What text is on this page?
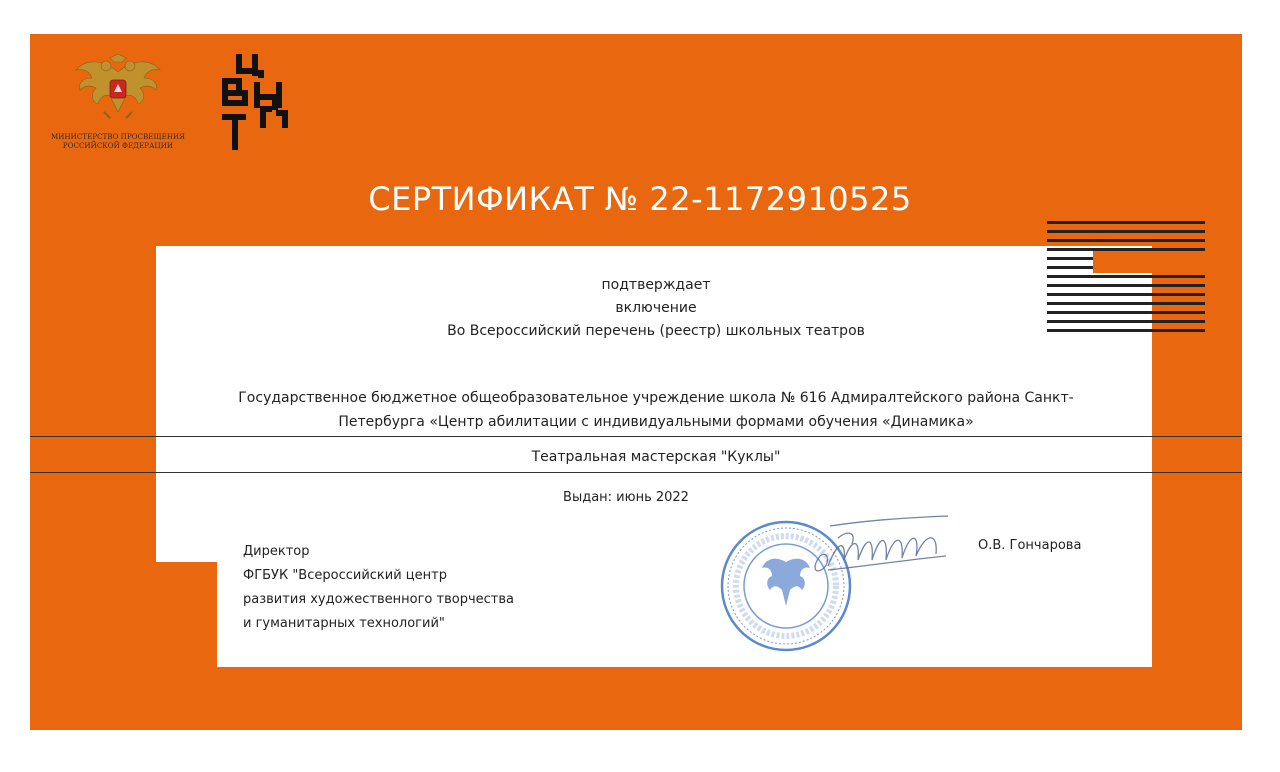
МИНИСТЕРСТВО ПРОСВЕЩЕНИЯ
РОССИЙСКОЙ ФЕДЕРАЦИИ
СЕРТИФИКАТ № 22-1172910525
подтверждает
включение
Во Всероссийский перечень (реестр) школьных театров
Государственное бюджетное общеобразовательное учреждение школа № 616 Адмиралтейского района Санкт-
Петербурга «Центр абилитации с индивидуальными формами обучения «Динамика»
Театральная мастерская "Куклы"
Выдан: июнь 2022
Директор
ФГБУК "Всероссийский центр
развития художественного творчества
и гуманитарных технологий"
О.В. Гончарова
